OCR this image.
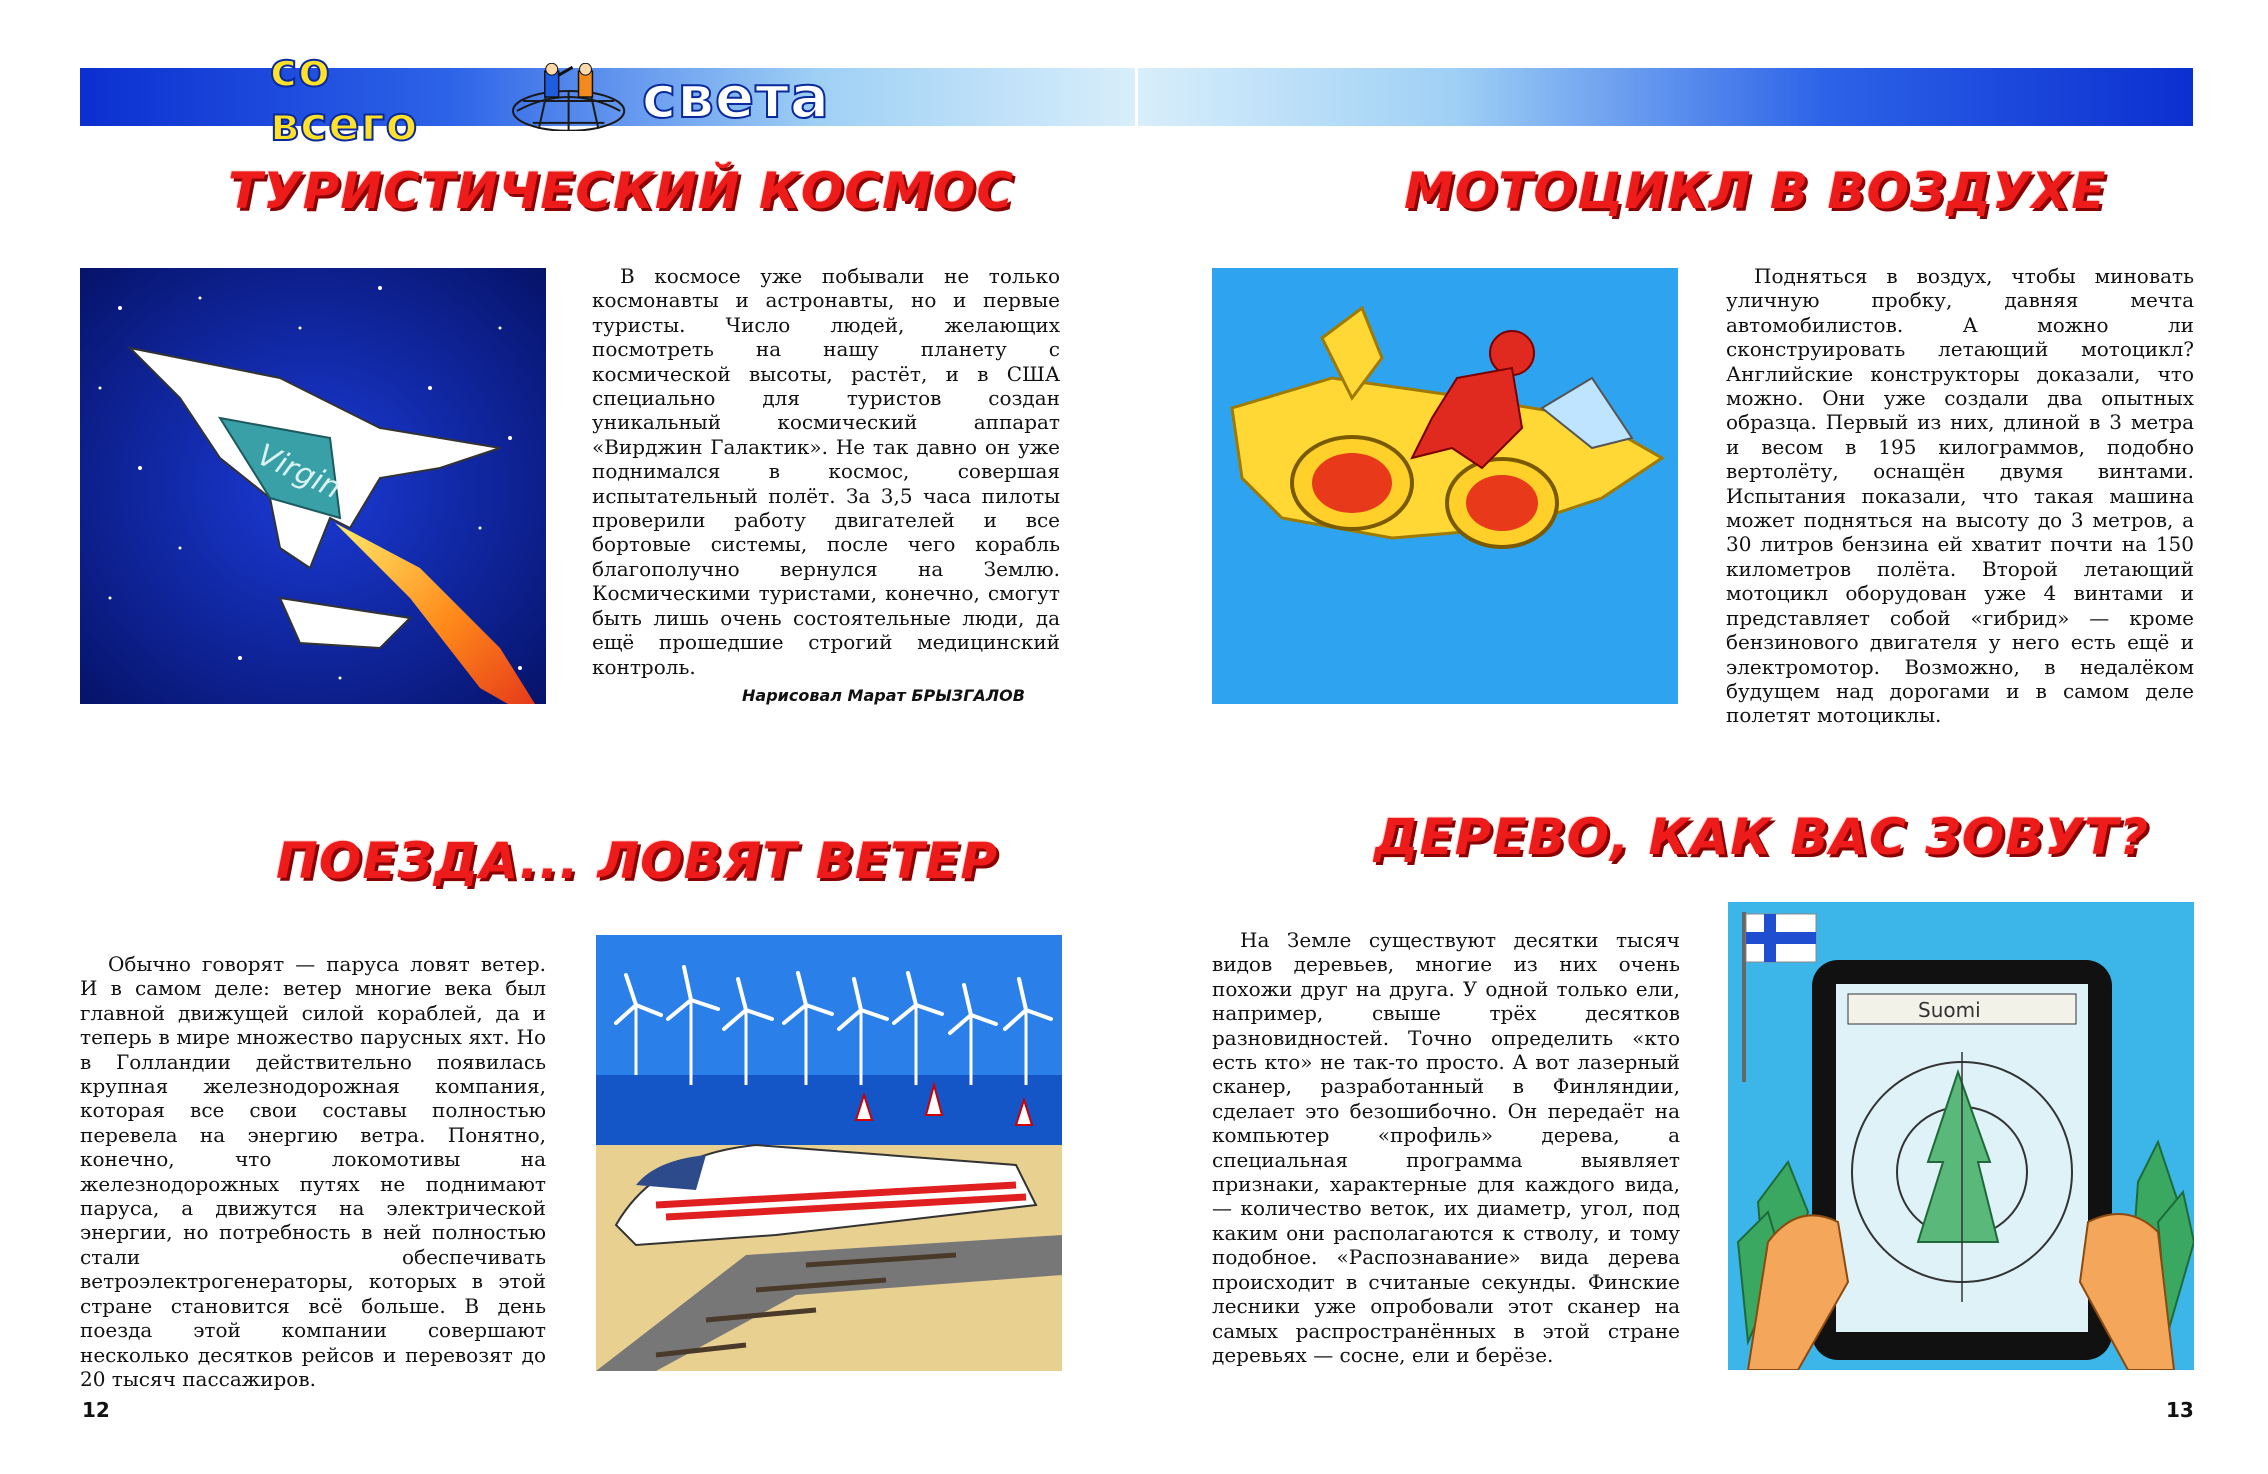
со всего	света
ТУРИСТИЧЕСКИЙ КОСМОС
Virgin

В космосе уже побывали не только космонавты и астронавты, но и первые туристы. Число людей, желающих посмотреть на нашу планету с космической высоты, растёт, и в США специально для туристов создан уникальный космический аппарат «Вирджин Галактик». Не так давно он уже поднимался в космос, совершая испытательный полёт. За 3,5 часа пилоты проверили работу двигателей и все бортовые системы, после чего корабль благополучно вернулся на Землю. Космическими туристами, конечно, смогут быть лишь очень состоятельные люди, да ещё прошедшие строгий медицинский контроль.

Нарисовал Марат БРЫЗГАЛОВ
МОТОЦИКЛ В ВОЗДУХЕ

Подняться в воздух, чтобы миновать уличную пробку, давняя мечта автомобилистов. А можно ли сконструировать летающий мотоцикл? Английские конструкторы доказали, что можно. Они уже создали два опытных образца. Первый из них, длиной в 3 метра и весом в 195 килограммов, подобно вертолёту, оснащён двумя винтами. Испытания показали, что такая машина может подняться на высоту до 3 метров, а 30 литров бензина ей хватит почти на 150 километров полёта. Второй летающий мотоцикл оборудован уже 4 винтами и представляет собой «гибрид» — кроме бензинового двигателя у него есть ещё и электромотор. Возможно, в недалёком будущем над дорогами и в самом деле полетят мотоциклы.

ПОЕЗДА... ЛОВЯТ ВЕТЕР

Обычно говорят — паруса ловят ветер. И в самом деле: ветер многие века был главной движущей силой кораблей, да и теперь в мире множество парусных яхт. Но в Голландии действительно появилась крупная железнодорожная компания, которая все свои составы полностью перевела на энергию ветра. Понятно, конечно, что локомотивы на железнодорожных путях не поднимают паруса, а движутся на электрической энергии, но потребность в ней полностью стали обеспечивать ветроэлектрогенераторы, которых в этой стране становится всё больше. В день поезда этой компании совершают несколько десятков рейсов и перевозят до 20 тысяч пассажиров.

ДЕРЕВО, КАК ВАС ЗОВУТ?

На Земле существуют десятки тысяч видов деревьев, многие из них очень похожи друг на друга. У одной только ели, например, свыше трёх десятков разновидностей. Точно определить «кто есть кто» не так-то просто. А вот лазерный сканер, разработанный в Финляндии, сделает это безошибочно. Он передаёт на компьютер «профиль» дерева, а специальная программа выявляет признаки, характерные для каждого вида, — количество веток, их диаметр, угол, под каким они располагаются к стволу, и тому подобное. «Распознавание» вида дерева происходит в считаные секунды. Финские лесники уже опробовали этот сканер на самых распространённых в этой стране деревьях — сосне, ели и берёзе.

Suomi
12	13
